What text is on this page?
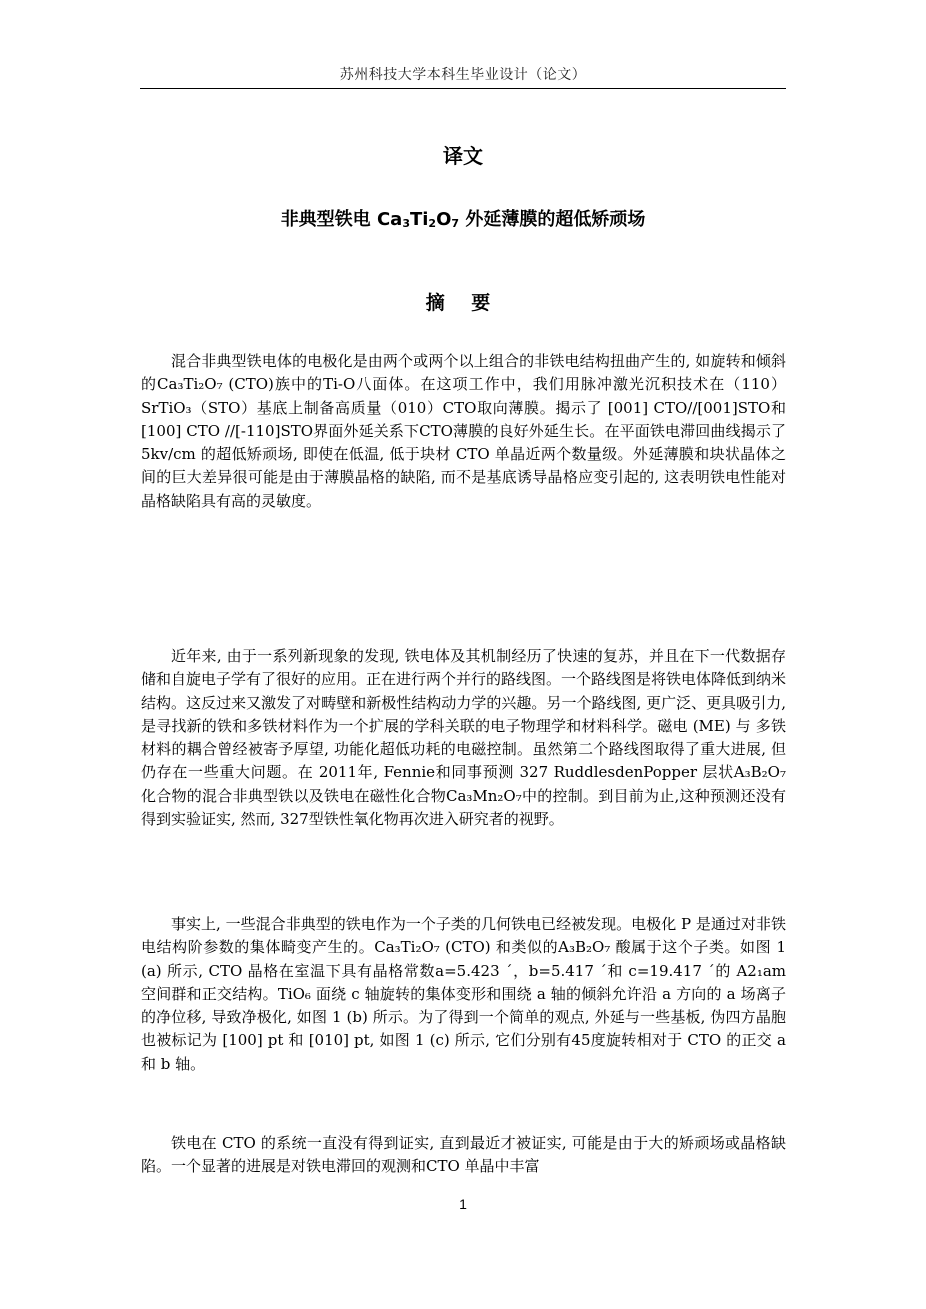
苏州科技大学本科生毕业设计（论文）
译文
非典型铁电 $Ca_3Ti_2O_7$ 外延薄膜的超低矫顽场
摘 要

混合非典型铁电体的电极化是由两个或两个以上组合的非铁电结构扭曲产生的, 如旋转和倾斜的Ca₃Ti₂O₇ (CTO)族中的Ti-O八面体。在这项工作中，我们用脉冲激光沉积技术在（110）SrTiO₃（STO）基底上制备高质量（010）CTO取向薄膜。揭示了 [001] CTO//[001]STO和 [100] CTO //[-110]STO界面外延关系下CTO薄膜的良好外延生长。在平面铁电滞回曲线揭示了5kv/cm 的超低矫顽场, 即使在低温, 低于块材 CTO 单晶近两个数量级。外延薄膜和块状晶体之间的巨大差异很可能是由于薄膜晶格的缺陷, 而不是基底诱导晶格应变引起的, 这表明铁电性能对晶格缺陷具有高的灵敏度。

近年来, 由于一系列新现象的发现, 铁电体及其机制经历了快速的复苏，并且在下一代数据存储和自旋电子学有了很好的应用。正在进行两个并行的路线图。一个路线图是将铁电体降低到纳米结构。这反过来又激发了对畴壁和新极性结构动力学的兴趣。另一个路线图, 更广泛、更具吸引力, 是寻找新的铁和多铁材料作为一个扩展的学科关联的电子物理学和材料科学。磁电 (ME) 与 多铁材料的耦合曾经被寄予厚望, 功能化超低功耗的电磁控制。虽然第二个路线图取得了重大进展, 但仍存在一些重大问题。在 2011年, Fennie和同事预测 327 RuddlesdenPopper 层状A₃B₂O₇ 化合物的混合非典型铁以及铁电在磁性化合物Ca₃Mn₂O₇中的控制。到目前为止,这种预测还没有得到实验证实, 然而, 327型铁性氧化物再次进入研究者的视野。

事实上, 一些混合非典型的铁电作为一个子类的几何铁电已经被发现。电极化 P 是通过对非铁电结构阶参数的集体畸变产生的。Ca₃Ti₂O₇ (CTO) 和类似的A₃B₂O₇ 酸属于这个子类。如图 1 (a) 所示, CTO 晶格在室温下具有晶格常数a=5.423 ´，b=5.417 ´和 c=19.417 ´的 A2₁am 空间群和正交结构。TiO₆ 面绕 c 轴旋转的集体变形和围绕 a 轴的倾斜允许沿 a 方向的 a 场离子的净位移, 导致净极化, 如图 1 (b) 所示。为了得到一个简单的观点, 外延与一些基板, 伪四方晶胞也被标记为 [100] pt 和 [010] pt, 如图 1 (c) 所示, 它们分别有45度旋转相对于 CTO 的正交 a 和 b 轴。

铁电在 CTO 的系统一直没有得到证实, 直到最近才被证实, 可能是由于大的矫顽场或晶格缺陷。一个显著的进展是对铁电滞回的观测和CTO 单晶中丰富

1
